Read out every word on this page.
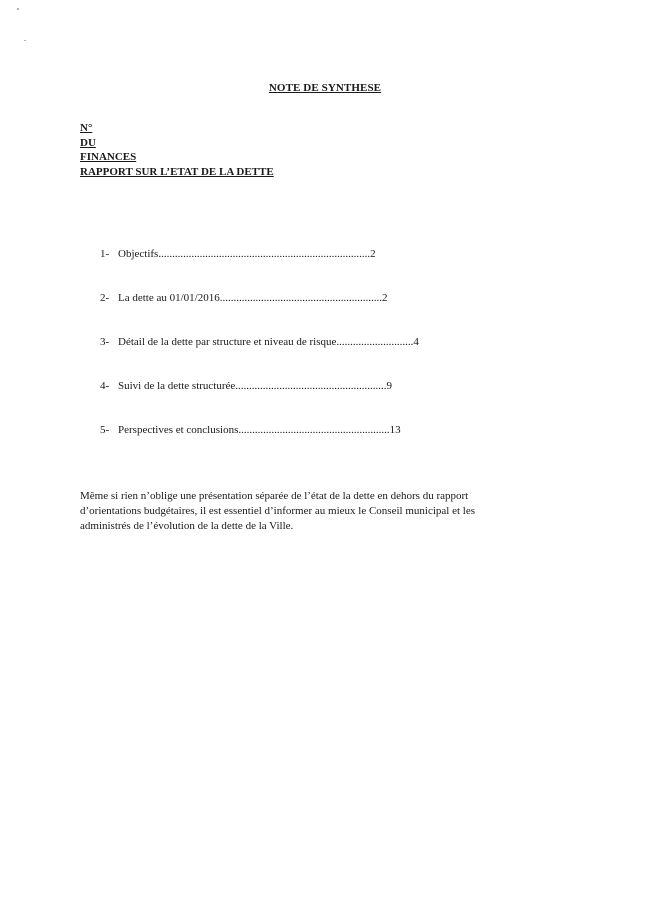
NOTE DE SYNTHESE
N°
DU
FINANCES
RAPPORT SUR L’ETAT DE LA DETTE
1- Objectifs.............................................................................2
2- La dette au 01/01/2016...........................................................2
3- Détail de la dette par structure et niveau de risque............................4
4- Suivi de la dette structurée.......................................................9
5- Perspectives et conclusions.......................................................13
Même si rien n’oblige une présentation séparée de l’état de la dette en dehors du rapport d’orientations budgétaires, il est essentiel d’informer au mieux le Conseil municipal et les administrés de l’évolution de la dette de la Ville.
